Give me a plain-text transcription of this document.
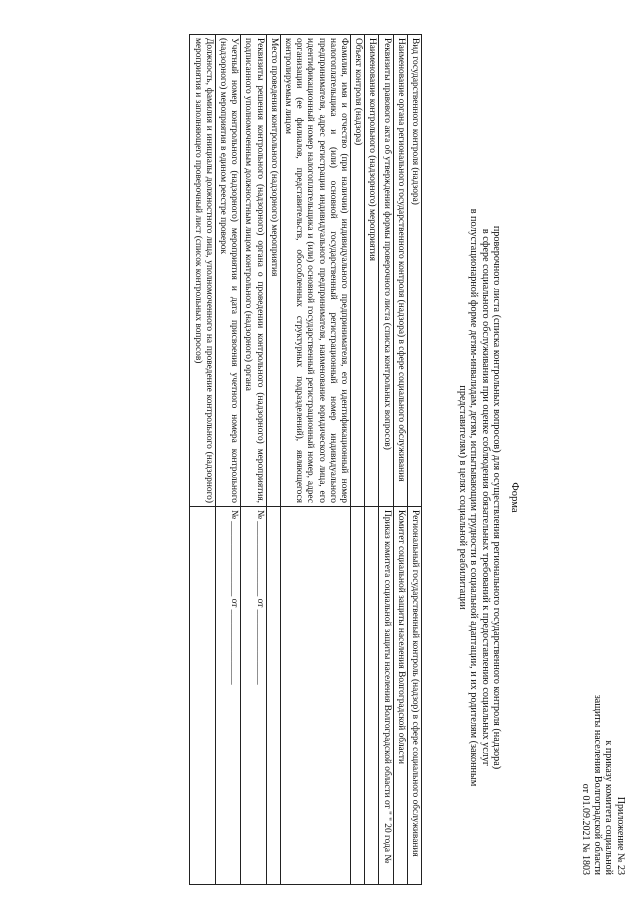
Приложение № 23
к приказу комитета социальной
защиты населения Волгоградской области
от 01.09.2021 № 1803
Форма

проверочного листа (списка контрольных вопросов) для осуществления регионального государственного контроля (надзора)

в сфере социального обслуживания при оценке соблюдения обязательных требований к предоставлению социальных услуг

в полустационарной форме детям-инвалидам, детям, испытывающим трудности в социальной адаптации, и их родителям (законным

представителям) в целях социальной реабилитации

Вид государственного контроля (надзора)	Региональный государственный контроль (надзор) в сфере социального обслуживания
Наименование органа регионального государственного контроля (надзора) в сфере социального обслуживания	Комитет социальной защиты населения Волгоградской области
Реквизиты правового акта об утверждении формы проверочного листа (списка контрольных вопросов)	Приказ комитета социальной защиты населения Волгоградской области от " " 20 года №
Наименование контрольного (надзорного) мероприятия	
Объект контроля (надзора)	
Фамилия, имя и отчество (при наличии) индивидуального предпринимателя, его идентификационный номер налогоплательщика и (или) основной государственный регистрационный номер индивидуального предпринимателя, адрес регистрации индивидуального предпринимателя, наименование юридического лица, его идентификационный номер налогоплательщика и (или) основной государственный регистрационный номер, адрес организации (ее филиалов, представительств, обособленных структурных подразделений), являющегося контролируемым лицом	
Место проведения контрольного (надзорного) мероприятия	
Реквизиты решения контрольного (надзорного) органа о проведении контрольного (надзорного) мероприятия, подписанного уполномоченным должностным лицом контрольного (надзорного) органа	№ ________________ от ________________
Учетный номер контрольного (надзорного) мероприятия и дата присвоения учетного номера контрольного (надзорного) мероприятия в едином реестре проверок	№ ________________ от ________________
Должность, фамилия и инициалы должностного лица, уполномоченного на проведение контрольного (надзорного) мероприятия и заполняющего проверочный лист (список контрольных вопросов)	
